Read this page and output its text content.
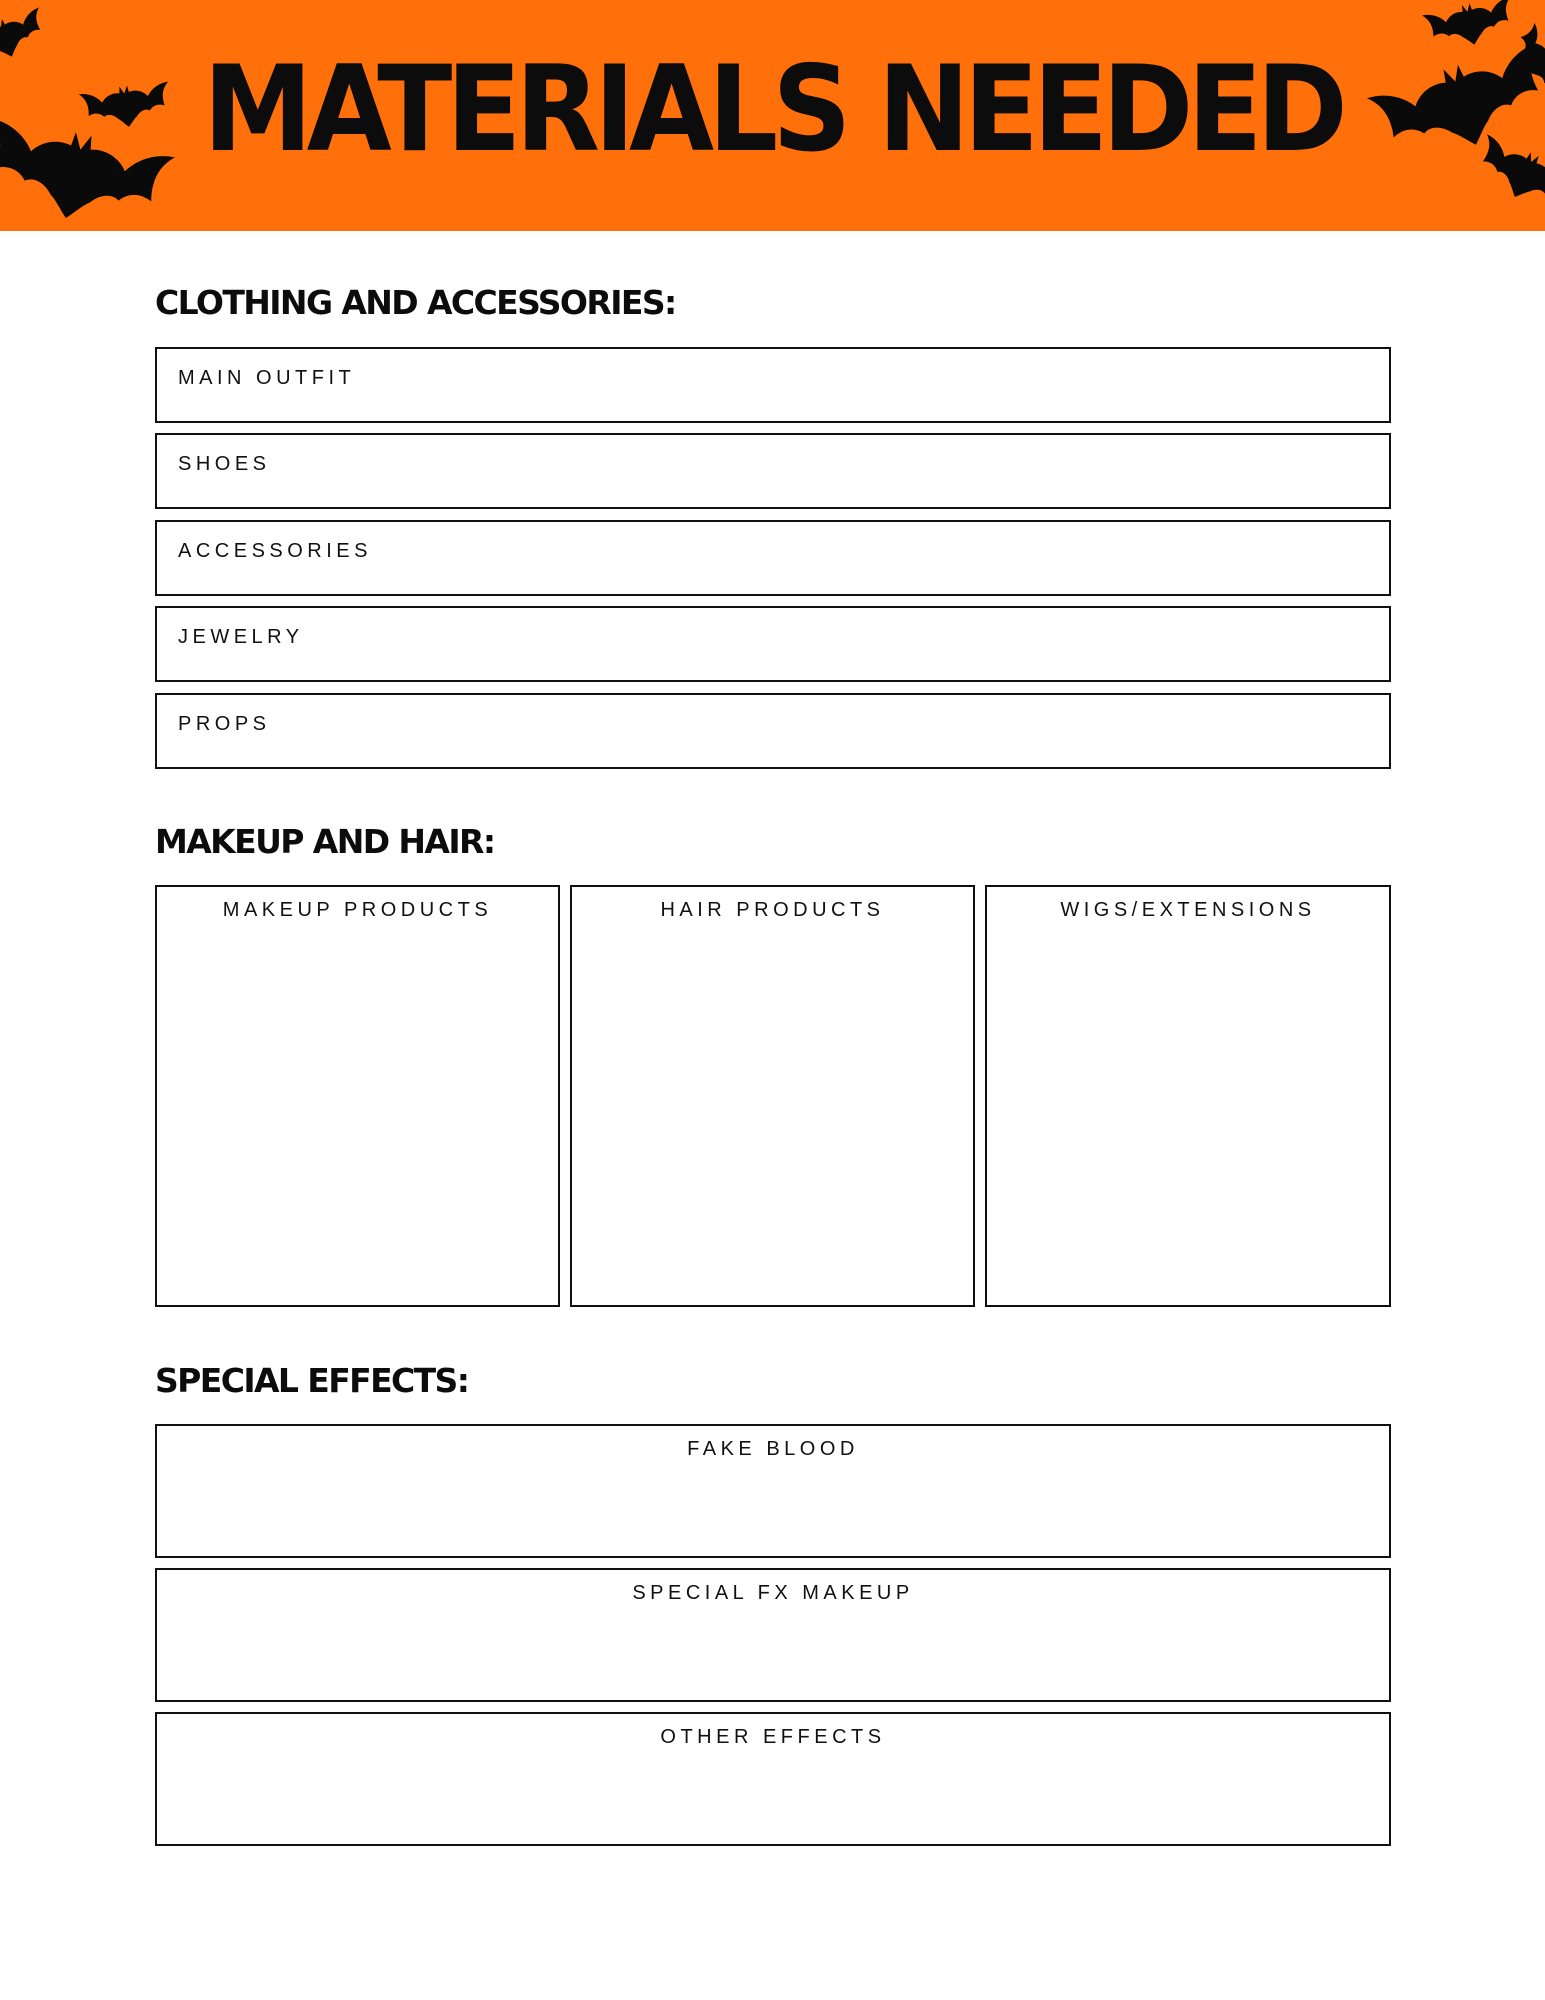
MATERIALS NEEDED
CLOTHING AND ACCESSORIES:
MAIN OUTFIT
SHOES
ACCESSORIES
JEWELRY
PROPS
MAKEUP AND HAIR:
MAKEUP PRODUCTS	HAIR PRODUCTS	WIGS/EXTENSIONS
SPECIAL EFFECTS:
FAKE BLOOD
SPECIAL FX MAKEUP
OTHER EFFECTS
